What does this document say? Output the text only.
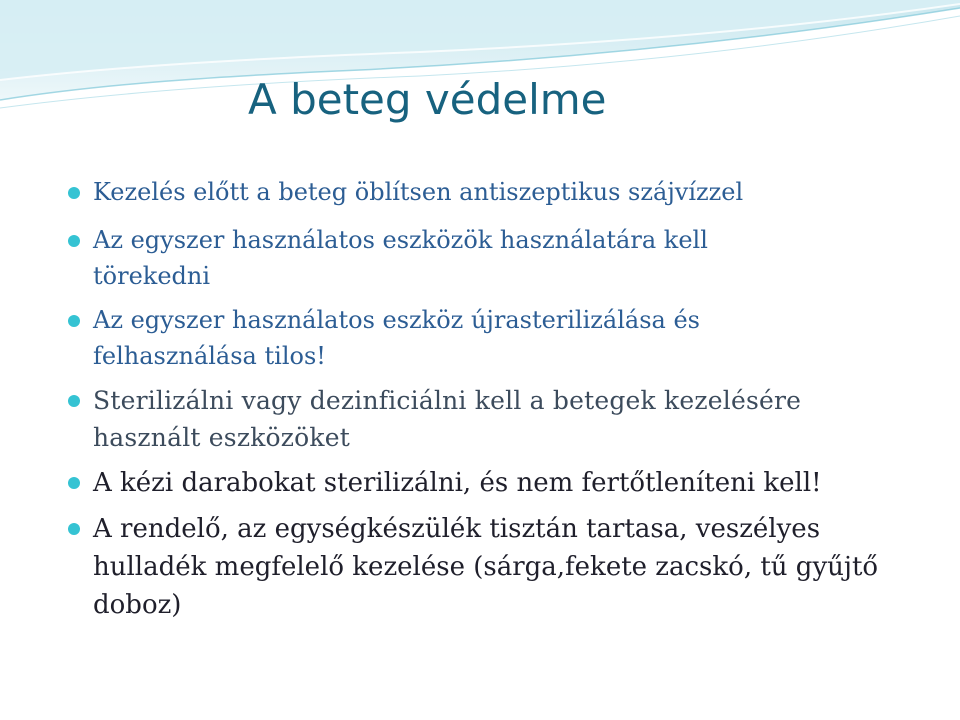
A beteg védelme
Kezelés előtt a beteg öblítsen antiszeptikus szájvízzel
Az egyszer használatos eszközök használatára kell
törekedni
Az egyszer használatos eszköz újrasterilizálása és
felhasználása tilos!
Sterilizálni vagy dezinficiálni kell a betegek kezelésére
használt eszközöket
A kézi darabokat sterilizálni, és nem fertőtleníteni kell!
A rendelő, az egységkészülék tisztán tartasa, veszélyes
hulladék megfelelő kezelése (sárga,fekete zacskó, tű gyűjtő
doboz)
